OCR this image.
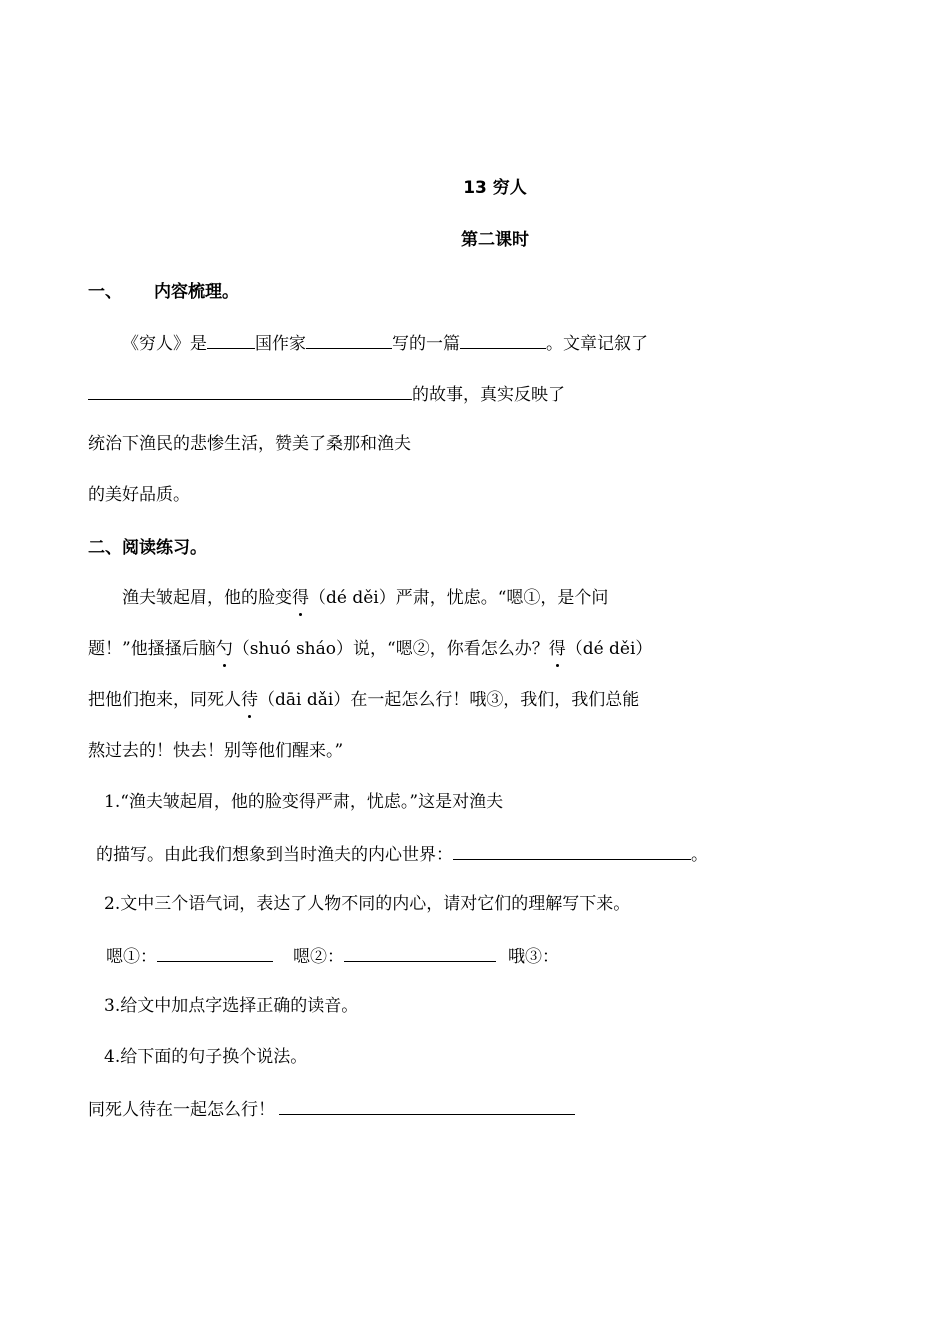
13 穷人
第二课时
一、 内容梳理。
《穷人》是	国作家	写的一篇	。文章记叙了
的故事，真实反映了
统治下渔民的悲惨生活，赞美了桑那和渔夫
的美好品质。
二、阅读练习。
渔夫皱起眉，他的脸变得（dé děi）严肃，忧虑。“嗯①，是个问
题！”他搔搔后脑勺（shuó sháo）说，“嗯②，你看怎么办？得（dé děi）
把他们抱来，同死人待（dāi dǎi）在一起怎么行！哦③，我们，我们总能
熬过去的！快去！别等他们醒来。”
1.“渔夫皱起眉，他的脸变得严肃，忧虑。”这是对渔夫
的描写。由此我们想象到当时渔夫的内心世界：	。
2.文中三个语气词，表达了人物不同的内心，请对它们的理解写下来。
嗯①：	嗯②：	哦③：
3.给文中加点字选择正确的读音。
4.给下面的句子换个说法。
同死人待在一起怎么行！
